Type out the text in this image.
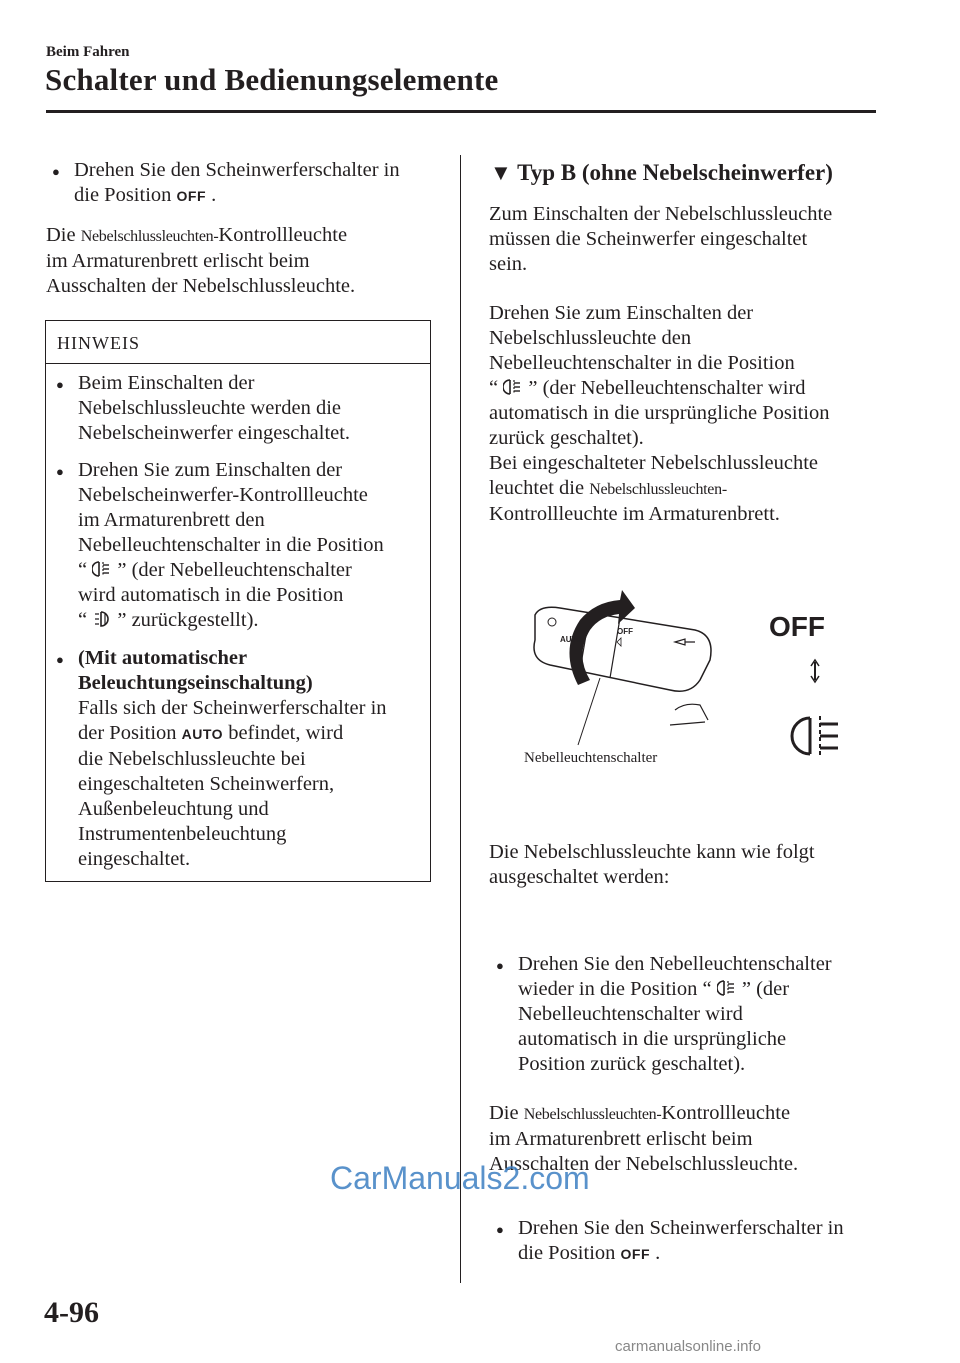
Beim Fahren
Schalter und Bedienungselemente
● Drehen Sie den Scheinwerferschalter in
die Position OFF .
Die Nebelschlussleuchten-Kontrollleuchte
im Armaturenbrett erlischt beim
Ausschalten der Nebelschlussleuchte.
HINWEIS
● Beim Einschalten der
Nebelschlussleuchte werden die
Nebelscheinwerfer eingeschaltet.
● Drehen Sie zum Einschalten der
Nebelscheinwerfer-Kontrollleuchte
im Armaturenbrett den
Nebelleuchtenschalter in die Position
“ ” (der Nebelleuchtenschalter
wird automatisch in die Position
“ ” zurückgestellt).
● (Mit automatischer
Beleuchtungseinschaltung)
Falls sich der Scheinwerferschalter in
der Position AUTO befindet, wird
die Nebelschlussleuchte bei
eingeschalteten Scheinwerfern,
Außenbeleuchtung und
Instrumentenbeleuchtung
eingeschaltet.
▼ Typ B (ohne Nebelscheinwerfer)
Zum Einschalten der Nebelschlussleuchte
müssen die Scheinwerfer eingeschaltet
sein.
Drehen Sie zum Einschalten der
Nebelschlussleuchte den
Nebelleuchtenschalter in die Position
“ ” (der Nebelleuchtenschalter wird
automatisch in die ursprüngliche Position
zurück geschaltet).
Bei eingeschalteter Nebelschlussleuchte
leuchtet die Nebelschlussleuchten-
Kontrollleuchte im Armaturenbrett.
AUTO
OFF	OFF
Nebelleuchtenschalter
Die Nebelschlussleuchte kann wie folgt
ausgeschaltet werden:
● Drehen Sie den Nebelleuchtenschalter
wieder in die Position “ ” (der
Nebelleuchtenschalter wird
automatisch in die ursprüngliche
Position zurück geschaltet).
● Drehen Sie den Scheinwerferschalter in
die Position OFF .
Die Nebelschlussleuchten-Kontrollleuchte
im Armaturenbrett erlischt beim
Ausschalten der Nebelschlussleuchte.
4-96
CarManuals2.com
carmanualsonline.info
